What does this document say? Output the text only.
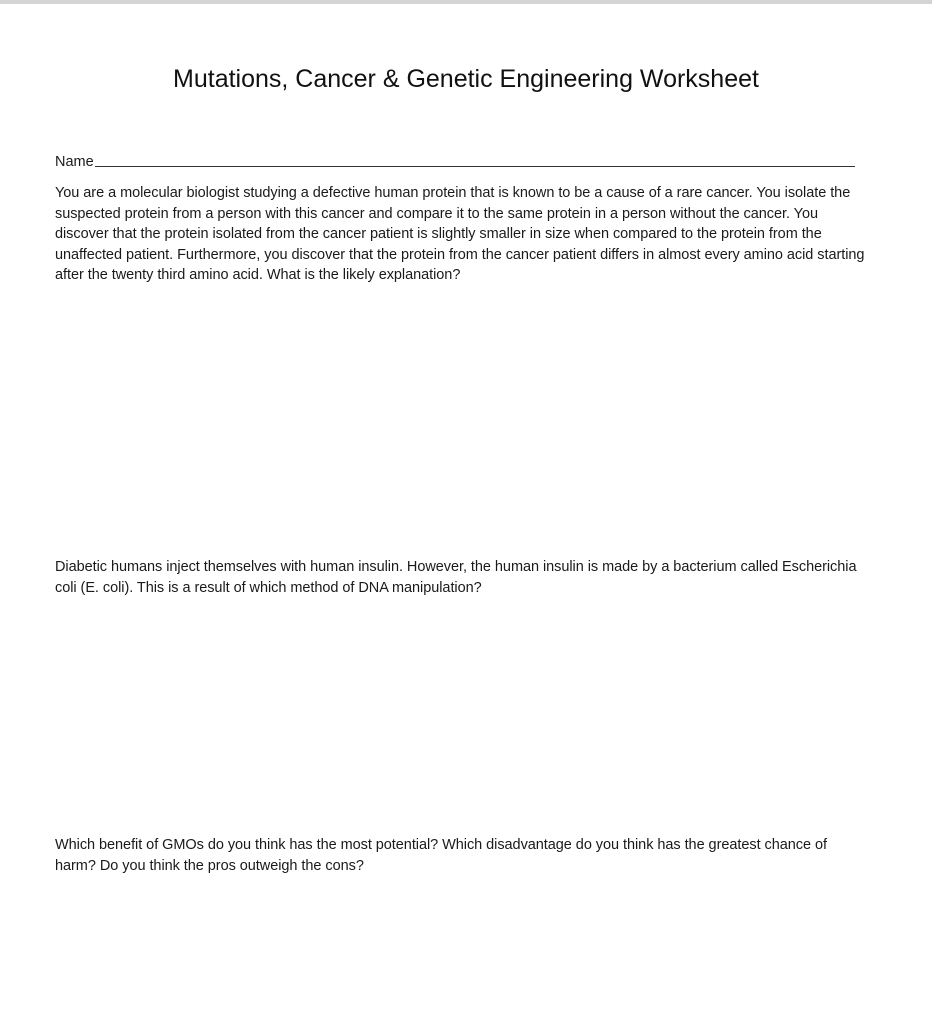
Mutations, Cancer & Genetic Engineering Worksheet
Name

You are a molecular biologist studying a defective human protein that is known to be a cause of a rare cancer. You isolate the suspected protein from a person with this cancer and compare it to the same protein in a person without the cancer. You discover that the protein isolated from the cancer patient is slightly smaller in size when compared to the protein from the unaffected patient. Furthermore, you discover that the protein from the cancer patient differs in almost every amino acid starting after the twenty third amino acid. What is the likely explanation?

Diabetic humans inject themselves with human insulin. However, the human insulin is made by a bacterium called Escherichia coli (E. coli). This is a result of which method of DNA manipulation?

Which benefit of GMOs do you think has the most potential? Which disadvantage do you think has the greatest chance of harm? Do you think the pros outweigh the cons?
